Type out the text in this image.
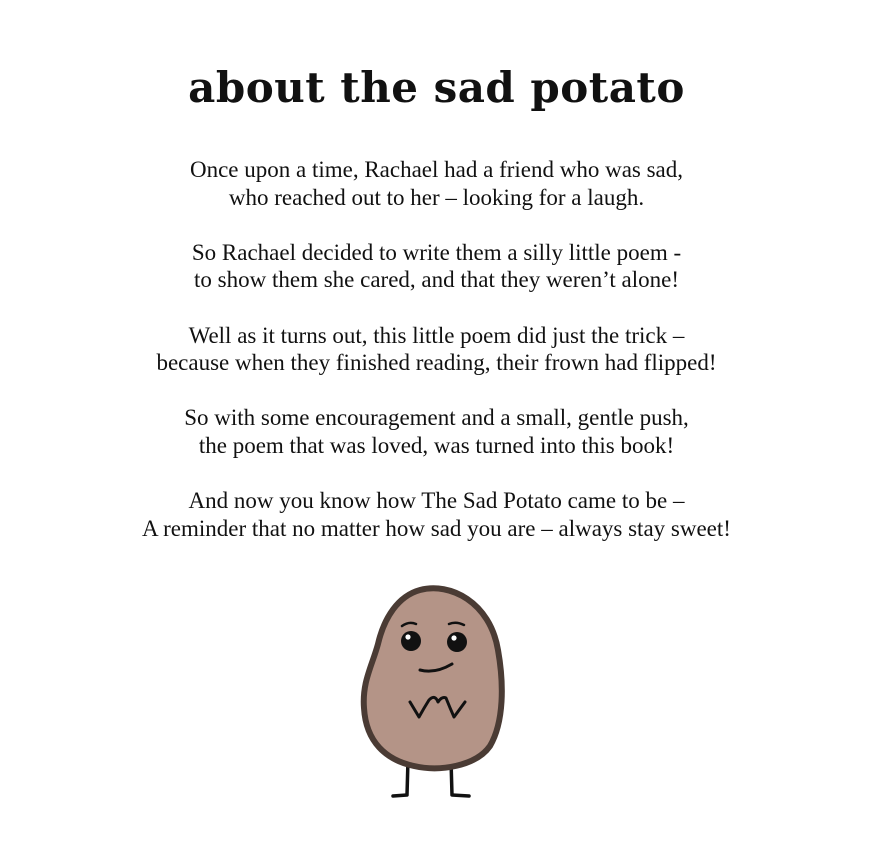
about the sad potato

Once upon a time, Rachael had a friend who was sad,
who reached out to her – looking for a laugh.

So Rachael decided to write them a silly little poem -
to show them she cared, and that they weren’t alone!

Well as it turns out, this little poem did just the trick –
because when they finished reading, their frown had flipped!

So with some encouragement and a small, gentle push,
the poem that was loved, was turned into this book!

And now you know how The Sad Potato came to be –
A reminder that no matter how sad you are – always stay sweet!
